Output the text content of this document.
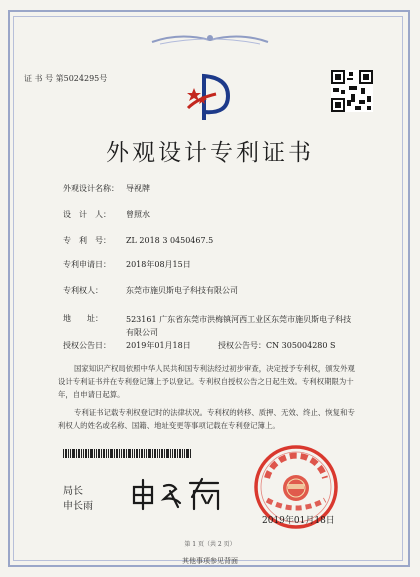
证 书 号 第5024295号
外观设计专利证书
外观设计名称： 导视牌
设　计　人： 曾照水
专　利　号： ZL 2018 3 0450467.5
专利申请日： 2018年08月15日
专利权人：	东莞市施贝斯电子科技有限公司
地　　址：	523161 广东省东莞市洪梅镇河西工业区东莞市施贝斯电子科技有限公司
授权公告日： 2019年01月18日	授权公告号：CN 305004280 S
国家知识产权局依照中华人民共和国专利法经过初步审查，决定授予专利权，颁发外观设计专利证书并在专利登记簿上予以登记。专利权自授权公告之日起生效。专利权期限为十年，自申请日起算。
专利证书记载专利权登记时的法律状况。专利权的转移、质押、无效、终止、恢复和专利权人的姓名或名称、国籍、地址变更等事项记载在专利登记簿上。
局长
申长雨
2019年01月18日
第 1 页（共 2 页）
其他事项参见背面
